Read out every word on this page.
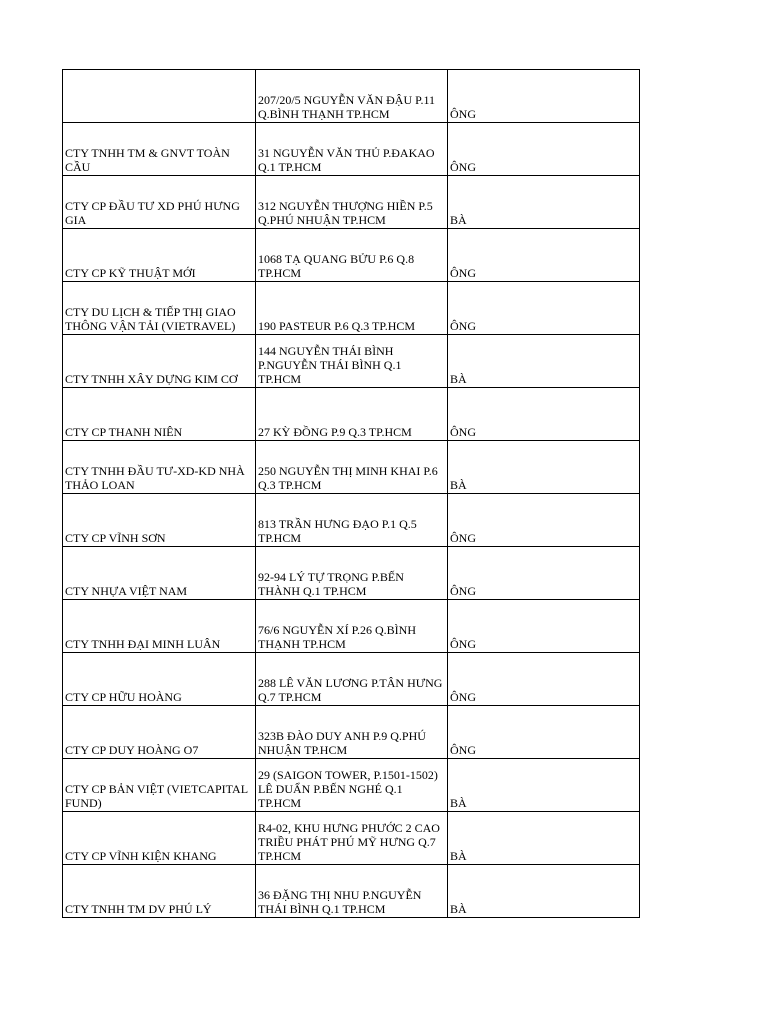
	207/20/5 NGUYỄN VĂN ĐẬU P.11 Q.BÌNH THẠNH TP.HCM	ÔNG

CTY TNHH TM & GNVT TOÀN CẦU	31 NGUYỄN VĂN THỦ P.ĐAKAO Q.1 TP.HCM	ÔNG

CTY CP ĐẦU TƯ XD PHÚ HƯNG GIA	312 NGUYỄN THƯỢNG HIỀN P.5 Q.PHÚ NHUẬN TP.HCM	BÀ

CTY CP KỸ THUẬT MỚI	1068 TẠ QUANG BỬU P.6 Q.8 TP.HCM	ÔNG

CTY DU LỊCH & TIẾP THỊ GIAO THÔNG VẬN TẢI (VIETRAVEL)	190 PASTEUR P.6 Q.3 TP.HCM	ÔNG

CTY TNHH XÂY DỰNG KIM CƠ	144 NGUYỄN THÁI BÌNH P.NGUYỄN THÁI BÌNH Q.1 TP.HCM	BÀ

CTY CP THANH NIÊN	27 KỲ ĐỒNG P.9 Q.3 TP.HCM	ÔNG

CTY TNHH ĐẦU TƯ-XD-KD NHÀ THẢO LOAN	250 NGUYỄN THỊ MINH KHAI P.6 Q.3 TP.HCM	BÀ

CTY CP VĨNH SƠN	813 TRẦN HƯNG ĐẠO P.1 Q.5 TP.HCM	ÔNG

CTY NHỰA VIỆT NAM	92-94 LÝ TỰ TRỌNG P.BẾN THÀNH Q.1 TP.HCM	ÔNG

CTY TNHH ĐẠI MINH LUÂN	76/6 NGUYỄN XÍ P.26 Q.BÌNH THẠNH TP.HCM	ÔNG

CTY CP HỮU HOÀNG	288 LÊ VĂN LƯƠNG P.TÂN HƯNG Q.7 TP.HCM	ÔNG

CTY CP DUY HOÀNG O7	323B ĐÀO DUY ANH P.9 Q.PHÚ NHUẬN TP.HCM	ÔNG

CTY CP BẢN VIỆT (VIETCAPITAL FUND)	29 (SAIGON TOWER, P.1501-1502) LÊ DUẨN P.BẾN NGHÉ Q.1 TP.HCM	BÀ

CTY CP VĨNH KIỆN KHANG	R4-02, KHU HƯNG PHƯỚC 2 CAO TRIỀU PHÁT PHÚ MỸ HƯNG Q.7 TP.HCM	BÀ

CTY TNHH TM DV PHÚ LÝ	36 ĐẶNG THỊ NHU P.NGUYỄN THÁI BÌNH Q.1 TP.HCM	BÀ
